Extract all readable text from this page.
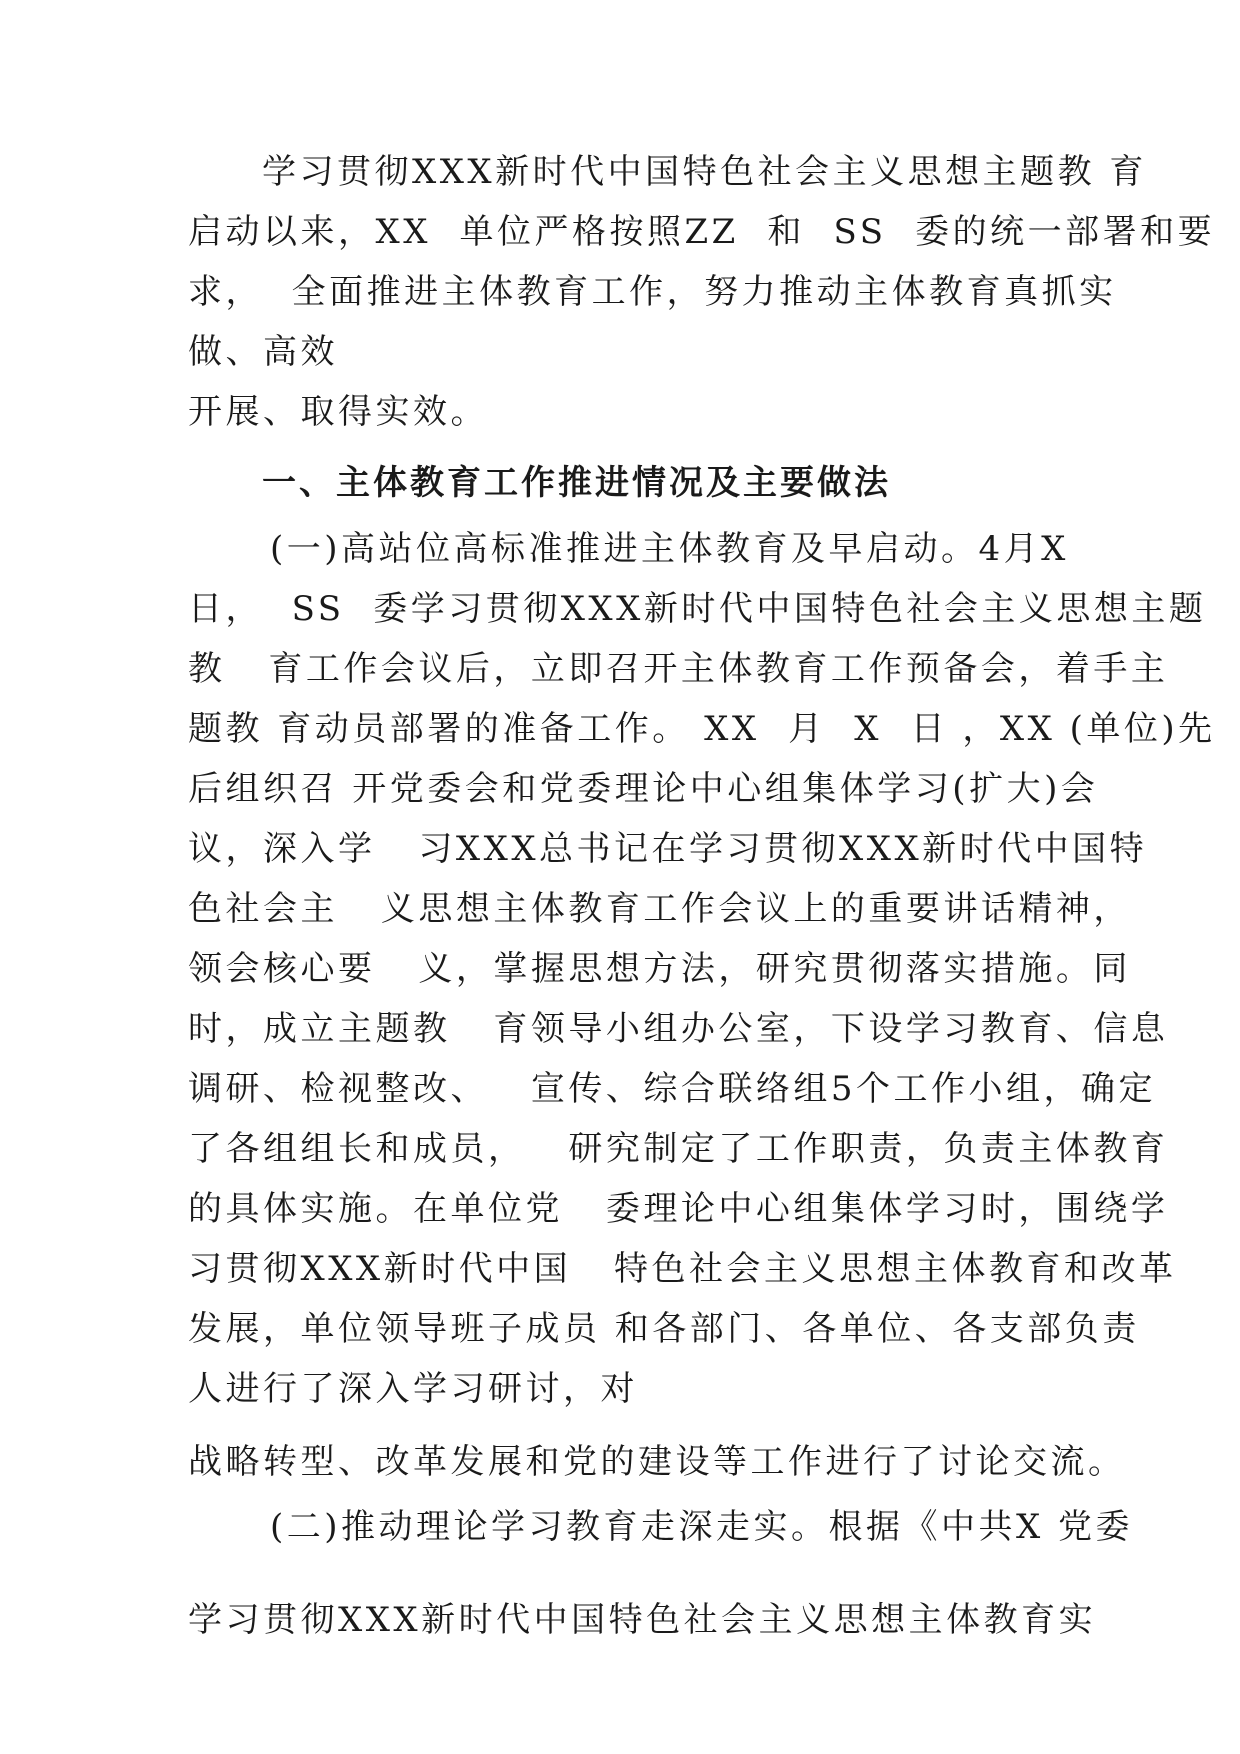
学习贯彻XXX新时代中国特色社会主义思想主题教 育

启动以来，XX  单位严格按照ZZ  和  SS  委的统一部署和要

求，  全面推进主体教育工作，努力推动主体教育真抓实

做、高效

开展、取得实效。

一、主体教育工作推进情况及主要做法

(一)高站位高标准推进主体教育及早启动。4月X

日，  SS  委学习贯彻XXX新时代中国特色社会主义思想主题

教   育工作会议后，立即召开主体教育工作预备会，着手主

题教 育动员部署的准备工作。 XX  月  X  日 ，XX (单位)先

后组织召 开党委会和党委理论中心组集体学习(扩大)会

议，深入学   习XXX总书记在学习贯彻XXX新时代中国特

色社会主   义思想主体教育工作会议上的重要讲话精神，

领会核心要   义，掌握思想方法，研究贯彻落实措施。同

时，成立主题教   育领导小组办公室，下设学习教育、信息

调研、检视整改、   宣传、综合联络组5个工作小组，确定

了各组组长和成员，   研究制定了工作职责，负责主体教育

的具体实施。在单位党   委理论中心组集体学习时，围绕学

习贯彻XXX新时代中国   特色社会主义思想主体教育和改革

发展，单位领导班子成员 和各部门、各单位、各支部负责

人进行了深入学习研讨，对

战略转型、改革发展和党的建设等工作进行了讨论交流。

(二)推动理论学习教育走深走实。根据《中共X 党委

学习贯彻XXX新时代中国特色社会主义思想主体教育实
